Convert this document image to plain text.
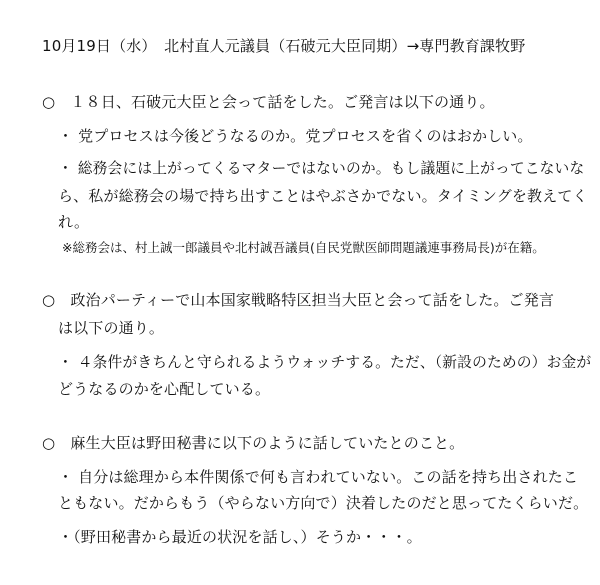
10月19日（水）　北村直人元議員（石破元大臣同期）→専門教育課牧野
○　１８日、石破元大臣と会って話をした。ご発言は以下の通り。
・ 党プロセスは今後どうなるのか。党プロセスを省くのはおかしい。
・ 総務会には上がってくるマターではないのか。もし議題に上がってこないな
ら、私が総務会の場で持ち出すことはやぶさかでない。タイミングを教えてく
れ。
※総務会は、村上誠一郎議員や北村誠吾議員(自民党獣医師問題議連事務局長)が在籍。
○　政治パーティーで山本国家戦略特区担当大臣と会って話をした。ご発言
は以下の通り。
・ ４条件がきちんと守られるようウォッチする。ただ、（新設のための）お金が
どうなるのかを心配している。
○　麻生大臣は野田秘書に以下のように話していたとのこと。
・ 自分は総理から本件関係で何も言われていない。この話を持ち出されたこ
ともない。だからもう（やらない方向で）決着したのだと思ってたくらいだ。
・（野田秘書から最近の状況を話し、）そうか・・・。
